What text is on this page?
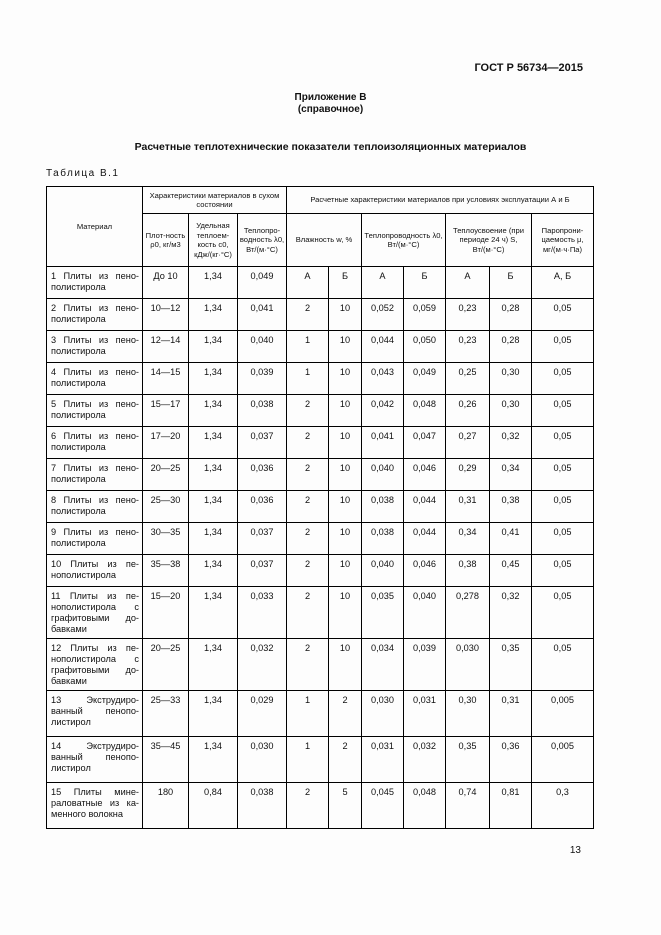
ГОСТ Р 56734—2015
Приложение В
(справочное)
Расчетные теплотехнические показатели теплоизоляционных материалов
Таблица В.1
Материал	Характеристики материалов в сухом состоянии			Расчетные характеристики материалов при условиях эксплуатации А и Б						
	Плот-ность ρ0, кг/м3	Удельная теплоем-кость c0, кДж/(кг·°С)	Теплопро-водность λ0, Вт/(м·°С)	Влажность w, %		Теплопроводность λ0, Вт/(м·°С)		Теплоусвоение (при периоде 24 ч) S, Вт/(м·°С)		Паропрони-цаемость μ, мг/(м·ч·Па)
1 Плиты из пено-полистирола	До 10	1,34	0,049	А	Б	А	Б	А	Б	А, Б
2 Плиты из пено-полистирола	10—12	1,34	0,041	2	10	0,052	0,059	0,23	0,28	0,05
3 Плиты из пено-полистирола	12—14	1,34	0,040	1	10	0,044	0,050	0,23	0,28	0,05
4 Плиты из пено-полистирола	14—15	1,34	0,039	1	10	0,043	0,049	0,25	0,30	0,05
5 Плиты из пено-полистирола	15—17	1,34	0,038	2	10	0,042	0,048	0,26	0,30	0,05
6 Плиты из пено-полистирола	17—20	1,34	0,037	2	10	0,041	0,047	0,27	0,32	0,05
7 Плиты из пено-полистирола	20—25	1,34	0,036	2	10	0,040	0,046	0,29	0,34	0,05
8 Плиты из пено-полистирола	25—30	1,34	0,036	2	10	0,038	0,044	0,31	0,38	0,05
9 Плиты из пено-полистирола	30—35	1,34	0,037	2	10	0,038	0,044	0,34	0,41	0,05
10 Плиты из пе-нополистирола	35—38	1,34	0,037	2	10	0,040	0,046	0,38	0,45	0,05
11 Плиты из пе-нополистирола с графитовыми до-бавками	15—20	1,34	0,033	2	10	0,035	0,040	0,278	0,32	0,05
12 Плиты из пе-нополистирола с графитовыми до-бавками	20—25	1,34	0,032	2	10	0,034	0,039	0,030	0,35	0,05
13 Экструдиро-ванный пенопо-листирол	25—33	1,34	0,029	1	2	0,030	0,031	0,30	0,31	0,005
14 Экструдиро-ванный пенопо-листирол	35—45	1,34	0,030	1	2	0,031	0,032	0,35	0,36	0,005
15 Плиты мине-раловатные из ка-менного волокна	180	0,84	0,038	2	5	0,045	0,048	0,74	0,81	0,3
13
